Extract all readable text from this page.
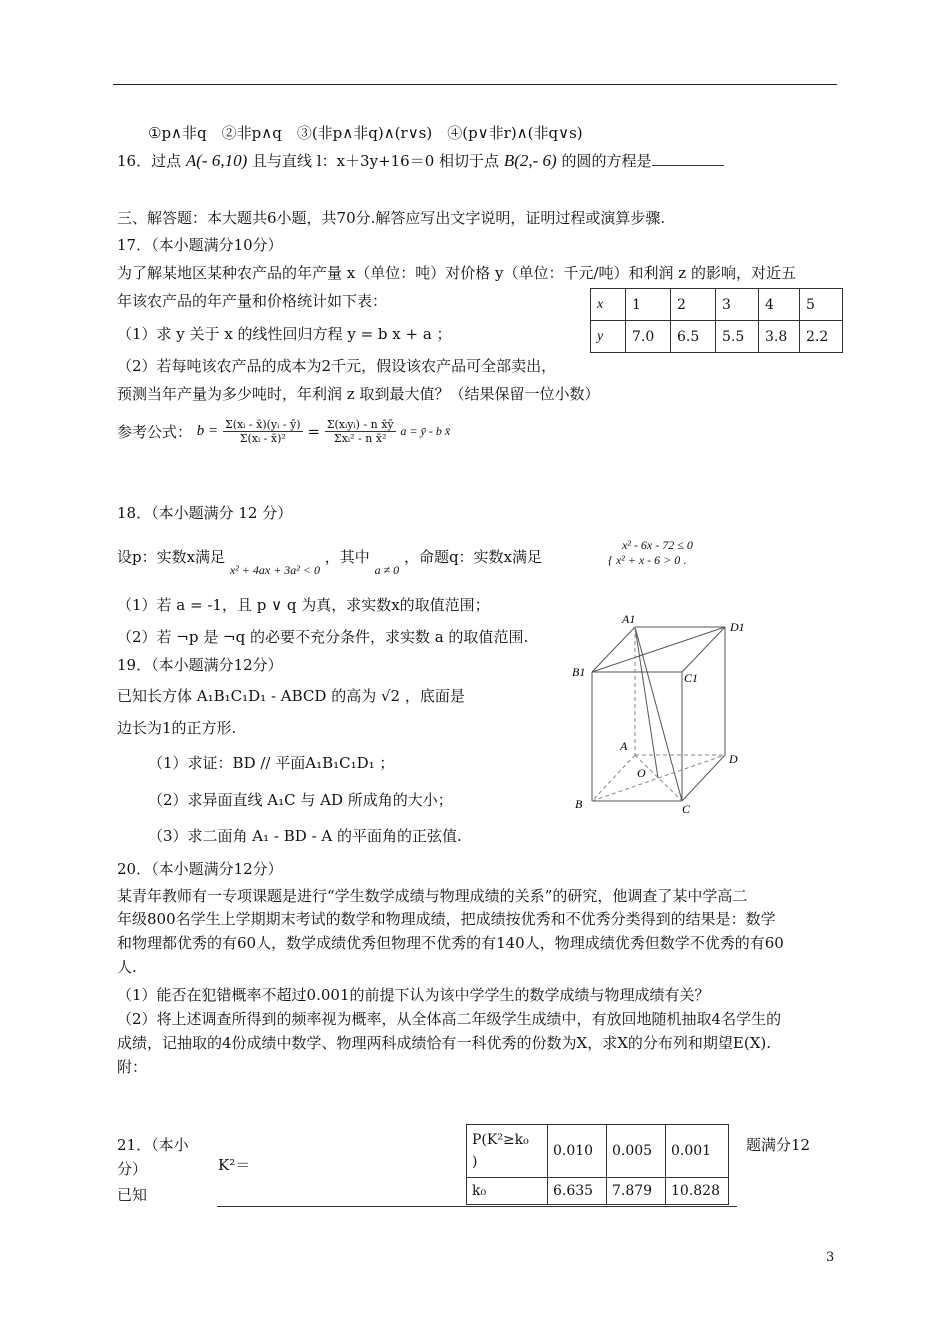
①p∧非q　②非p∧q　③(非p∧非q)∧(r∨s)　④(p∨非r)∧(非q∨s)
16．过点 A(- 6,10) 且与直线 l：x＋3y+16＝0 相切于点 B(2,- 6) 的圆的方程是
三、解答题：本大题共6小题，共70分.解答应写出文字说明，证明过程或演算步骤.
17．（本小题满分10分）
为了解某地区某种农产品的年产量 x（单位：吨）对价格 y（单位：千元/吨）和利润 z 的影响，对近五
年该农产品的年产量和价格统计如下表：	x	1	2	3	4	5
y	7.0	6.5	5.5	3.8	2.2
（1）求 y 关于 x 的线性回归方程 y = b x + a ；
（2）若每吨该农产品的成本为2千元，假设该农产品可全部卖出，
预测当年产量为多少吨时，年利润 z 取到最大值？（结果保留一位小数）
参考公式： $b = \frac{\text{Σ(xᵢ - x̄)(yᵢ - ȳ)}}{\text{Σ(xᵢ - x̄)²}} = \frac{\text{Σ(xᵢyᵢ) - n x̄ȳ}}{\text{Σxᵢ² - n x̄²}}$ a = ȳ - b x̄
18．（本小题满分 12 分）
设p：实数x满足 $_{x^2 + 4ax + 3a^2 < 0}$ ，其中 $_{a \ne 0}$ ，命题q：实数x满足
x² - 6x - 72 ≤ 0
{ x² + x - 6 > 0 .
（1）若 a = -1，且 p ∨ q 为真，求实数x的取值范围；
（2）若 ¬p 是 ¬q 的必要不充分条件，求实数 a 的取值范围.
19．（本小题满分12分）
已知长方体 A₁B₁C₁D₁ - ABCD 的高为 √2 ，底面是
边长为1的正方形.
（1）求证：BD // 平面A₁B₁C₁D₁ ；
（2）求异面直线 A₁C 与 AD 所成角的大小；
（3）求二面角 A₁ - BD - A 的平面角的正弦值.
A1
D1
B1	C1
A
D
O
B	C
20．（本小题满分12分）
某青年教师有一专项课题是进行“学生数学成绩与物理成绩的关系”的研究，他调查了某中学高二
年级800名学生上学期期末考试的数学和物理成绩，把成绩按优秀和不优秀分类得到的结果是：数学
和物理都优秀的有60人，数学成绩优秀但物理不优秀的有140人，物理成绩优秀但数学不优秀的有60
人.
（1）能否在犯错概率不超过0.001的前提下认为该中学学生的数学成绩与物理成绩有关？
（2）将上述调查所得到的频率视为概率，从全体高二年级学生成绩中，有放回地随机抽取4名学生的
成绩，记抽取的4份成绩中数学、物理两科成绩恰有一科优秀的份数为X，求X的分布列和期望E(X).
附：
21．（本小
分）
已知
K²＝
题满分12
P(K²≥k₀
)	0.010	0.005	0.001
k₀	6.635	7.879	10.828
3
